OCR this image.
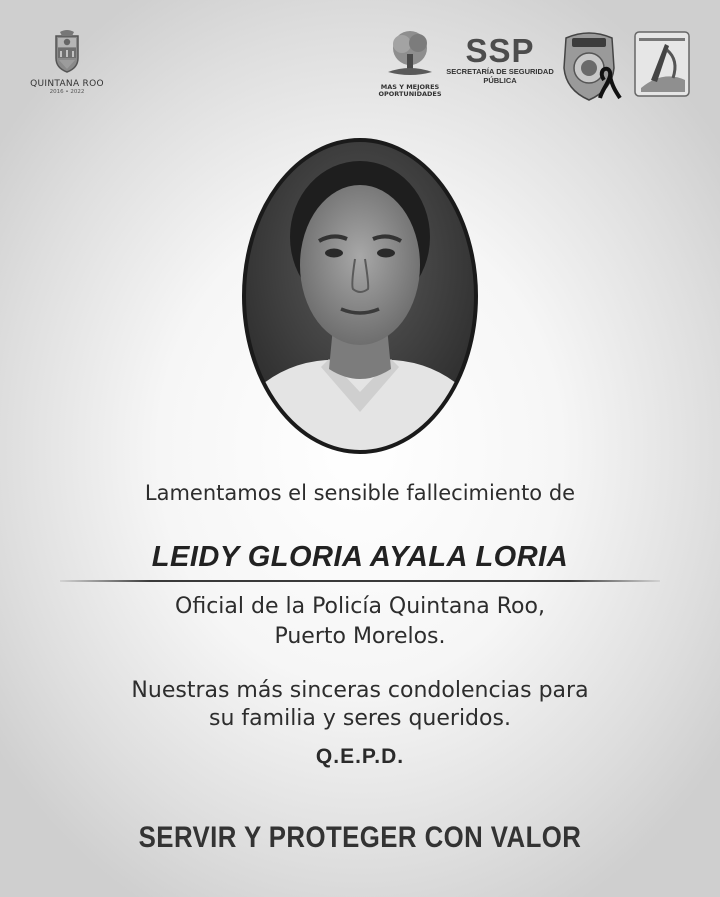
QUINTANA ROO
2016 • 2022
MAS Y MEJORES
OPORTUNIDADES
SSP
SECRETARÍA DE SEGURIDAD
PÚBLICA
Lamentamos el sensible fallecimiento de
LEIDY GLORIA AYALA LORIA
Oficial de la Policía Quintana Roo,
Puerto Morelos.
Nuestras más sinceras condolencias para
su familia y seres queridos.
Q.E.P.D.
SERVIR Y PROTEGER CON VALOR
